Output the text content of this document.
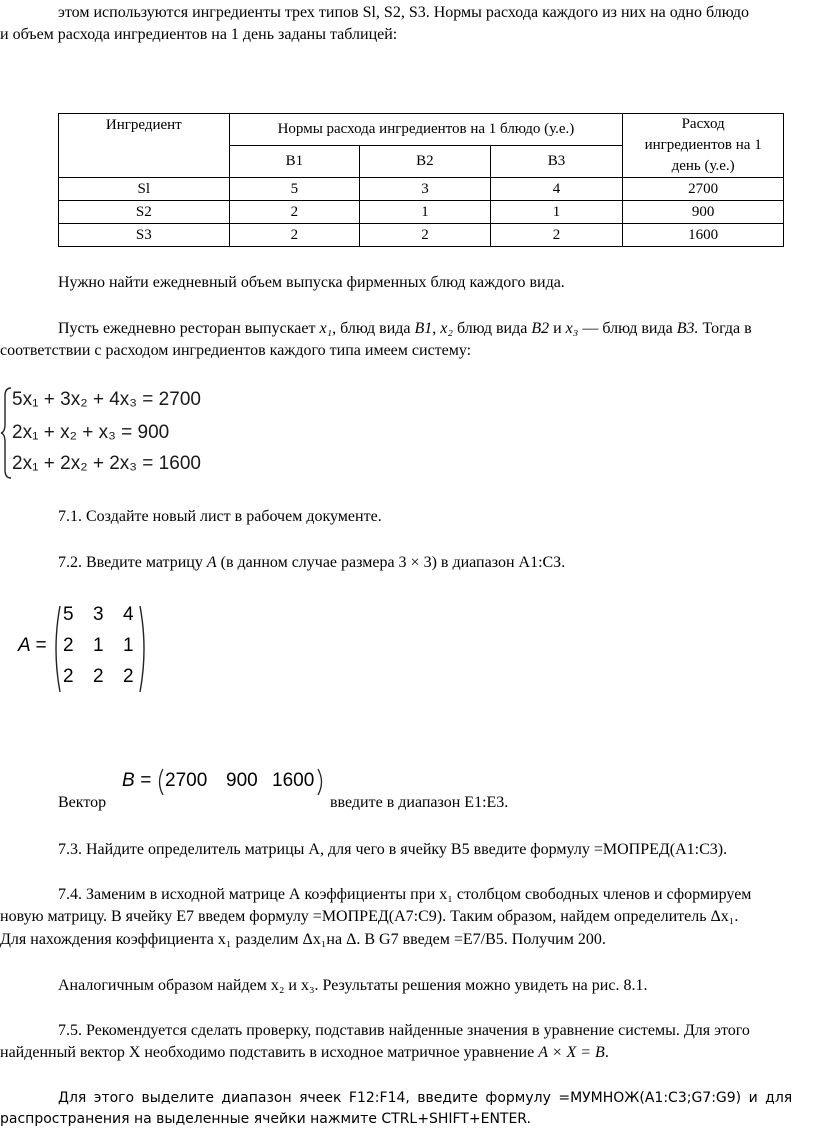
этом используются ингредиенты трех типов Sl, S2, S3. Нормы расхода каждого из них на одно блюдо
и объем расхода ингредиентов на 1 день заданы таблицей:
Ингредиент	Нормы расхода ингредиентов на 1 блюдо (у.е.)			Расход
ингредиентов на 1
день (у.е.)
	B1	B2	B3	
Sl	5	3	4	2700
S2	2	1	1	900
S3	2	2	2	1600
Нужно найти ежедневный объем выпуска фирменных блюд каждого вида.
Пусть ежедневно ресторан выпускает x₁, блюд вида B1, x₂ блюд вида B2 и x₃ — блюд вида B3. Тогда в
соответствии с расходом ингредиентов каждого типа имеем систему:
5x₁ + 3x₂ + 4x₃ = 2700
2x₁ + x₂ + x₃ = 900
2x₁ + 2x₂ + 2x₃ = 1600
7.1. Создайте новый лист в рабочем документе.
7.2. Введите матрицу A (в данном случае размера 3 × 3) в диапазон А1:СЗ.
A =
5 3 4
2 1 1
2 2 2
Вектор
B = 2700 900 1600
введите в диапазон Е1:Е3.
7.3. Найдите определитель матрицы А, для чего в ячейку В5 введите формулу =МОПРЕД(А1:С3).
7.4. Заменим в исходной матрице А коэффициенты при x₁ столбцом свободных членов и сформируем
новую матрицу. В ячейку Е7 введем формулу =МОПРЕД(А7:С9). Таким образом, найдем определитель Δx₁.
Для нахождения коэффициента x₁ разделим Δx₁на Δ. В G7 введем =E7/B5. Получим 200.
Аналогичным образом найдем x₂ и x₃. Результаты решения можно увидеть на рис. 8.1.
7.5. Рекомендуется сделать проверку, подставив найденные значения в уравнение системы. Для этого
найденный вектор X необходимо подставить в исходное матричное уравнение A × X = B.
Для этого выделите диапазон ячеек F12:F14, введите формулу =МУМНОЖ(А1:С3;G7:G9) и для
распространения на выделенные ячейки нажмите CTRL+SHIFT+ENTER.
